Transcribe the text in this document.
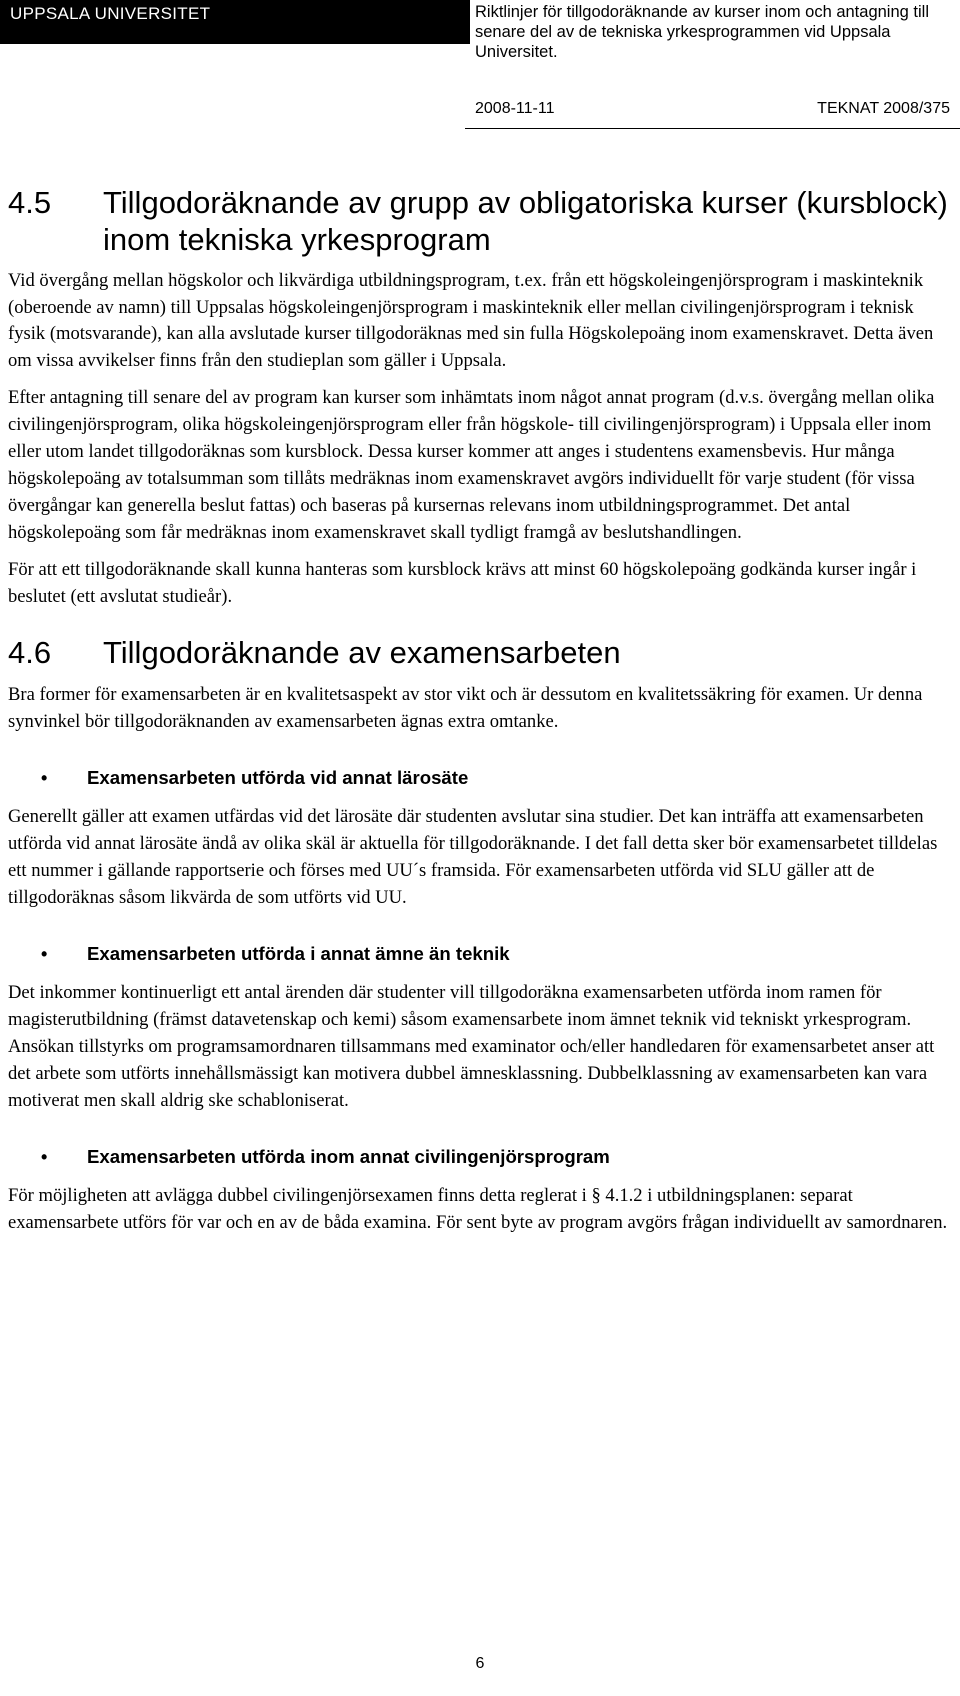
UPPSALA UNIVERSITET	Riktlinjer för tillgodoräknande av kurser inom och antagning till senare del av de tekniska yrkesprogrammen vid Uppsala Universitet.
2008-11-11	TEKNAT 2008/375
4.5	Tillgodoräknande av grupp av obligatoriska kurser (kursblock) inom tekniska yrkesprogram

Vid övergång mellan högskolor och likvärdiga utbildningsprogram, t.ex. från ett högskoleingenjörsprogram i maskinteknik (oberoende av namn) till Uppsalas högskoleingenjörsprogram i maskinteknik eller mellan civilingenjörsprogram i teknisk fysik (motsvarande), kan alla avslutade kurser tillgodoräknas med sin fulla Högskolepoäng inom examenskravet. Detta även om vissa avvikelser finns från den studieplan som gäller i Uppsala.

Efter antagning till senare del av program kan kurser som inhämtats inom något annat program (d.v.s. övergång mellan olika civilingenjörsprogram, olika högskoleingenjörsprogram eller från högskole- till civilingenjörsprogram) i Uppsala eller inom eller utom landet tillgodoräknas som kursblock. Dessa kurser kommer att anges i studentens examensbevis. Hur många högskolepoäng av totalsumman som tillåts medräknas inom examenskravet avgörs individuellt för varje student (för vissa övergångar kan generella beslut fattas) och baseras på kursernas relevans inom utbildningsprogrammet. Det antal högskolepoäng som får medräknas inom examenskravet skall tydligt framgå av beslutshandlingen.

För att ett tillgodoräknande skall kunna hanteras som kursblock krävs att minst 60 högskolepoäng godkända kurser ingår i beslutet (ett avslutat studieår).

4.6	Tillgodoräknande av examensarbeten

Bra former för examensarbeten är en kvalitetsaspekt av stor vikt och är dessutom en kvalitetssäkring för examen. Ur denna synvinkel bör tillgodoräknanden av examensarbeten ägnas extra omtanke.

• Examensarbeten utförda vid annat lärosäte

Generellt gäller att examen utfärdas vid det lärosäte där studenten avslutar sina studier. Det kan inträffa att examensarbeten utförda vid annat lärosäte ändå av olika skäl är aktuella för tillgodoräknande. I det fall detta sker bör examensarbetet tilldelas ett nummer i gällande rapportserie och förses med UU´s framsida. För examensarbeten utförda vid SLU gäller att de tillgodoräknas såsom likvärda de som utförts vid UU.

• Examensarbeten utförda i annat ämne än teknik

Det inkommer kontinuerligt ett antal ärenden där studenter vill tillgodoräkna examensarbeten utförda inom ramen för magisterutbildning (främst datavetenskap och kemi) såsom examensarbete inom ämnet teknik vid tekniskt yrkesprogram. Ansökan tillstyrks om programsamordnaren tillsammans med examinator och/eller handledaren för examensarbetet anser att det arbete som utförts innehållsmässigt kan motivera dubbel ämnesklassning. Dubbelklassning av examensarbeten kan vara motiverat men skall aldrig ske schabloniserat.

• Examensarbeten utförda inom annat civilingenjörsprogram

För möjligheten att avlägga dubbel civilingenjörsexamen finns detta reglerat i § 4.1.2 i utbildningsplanen: separat examensarbete utförs för var och en av de båda examina. För sent byte av program avgörs frågan individuellt av samordnaren.

6
